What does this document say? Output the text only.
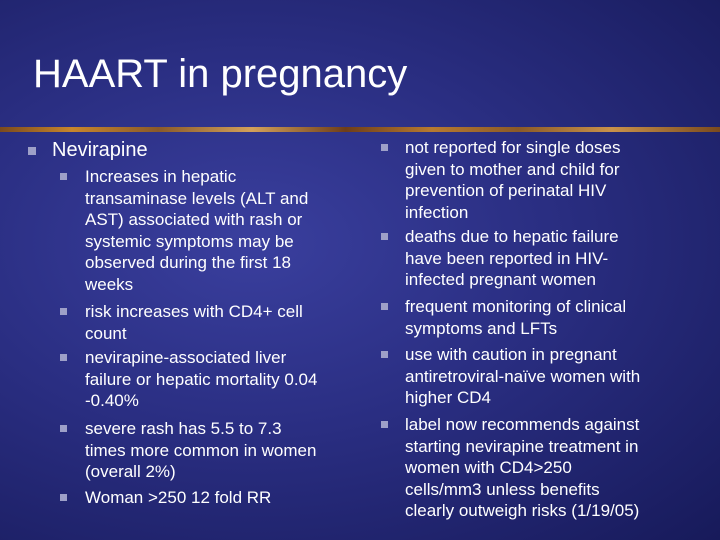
HAART in pregnancy
Nevirapine
Increases in hepatic
transaminase levels (ALT and
AST) associated with rash or
systemic symptoms may be
observed during the first 18
weeks
risk increases with CD4+ cell
count
nevirapine-associated liver
failure or hepatic mortality 0.04
-0.40%
severe rash has 5.5 to 7.3
times more common in women
(overall 2%)
Woman >250 12 fold RR
not reported for single doses
given to mother and child for
prevention of perinatal HIV
infection
deaths due to hepatic failure
have been reported in HIV-
infected pregnant women
frequent monitoring of clinical
symptoms and LFTs
use with caution in pregnant
antiretroviral-naïve women with
higher CD4
label now recommends against
starting nevirapine treatment in
women with CD4>250
cells/mm3 unless benefits
clearly outweigh risks (1/19/05)
